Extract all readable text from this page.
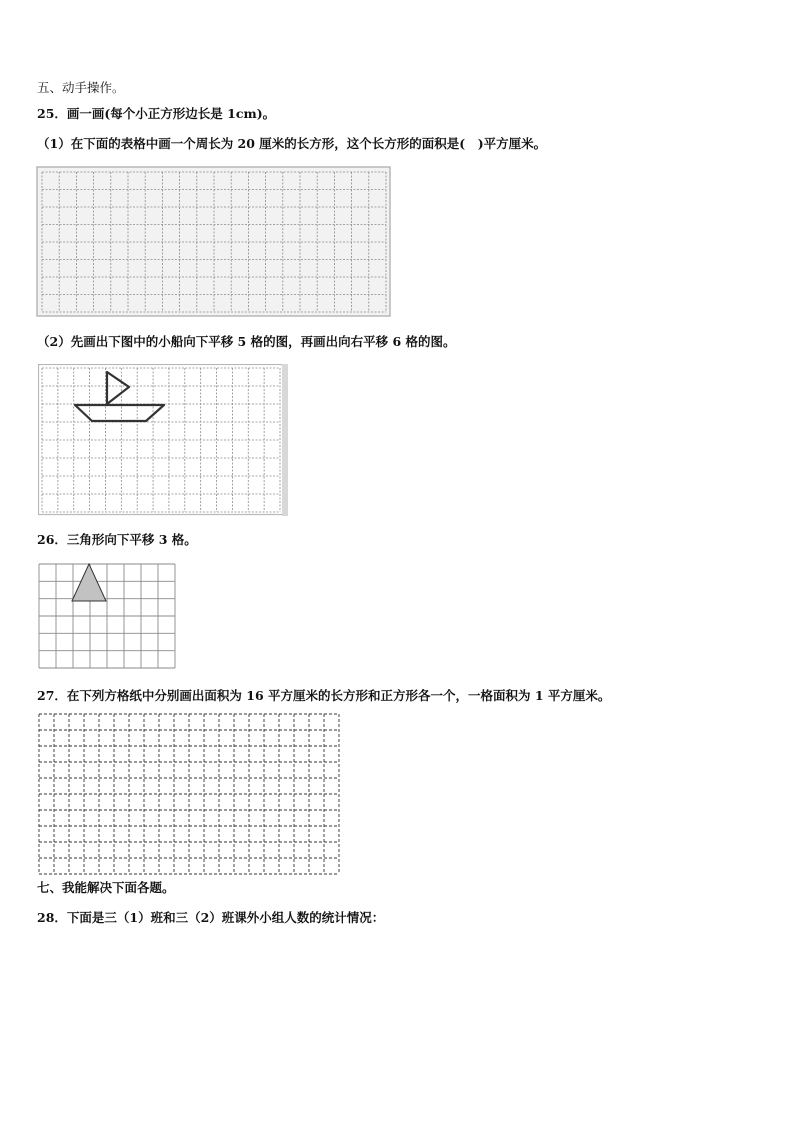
五、动手操作。
25．画一画(每个小正方形边长是 1cm)。
（1）在下面的表格中画一个周长为 20 厘米的长方形，这个长方形的面积是(　)平方厘米。
（2）先画出下图中的小船向下平移 5 格的图，再画出向右平移 6 格的图。
26．三角形向下平移 3 格。
27．在下列方格纸中分别画出面积为 16 平方厘米的长方形和正方形各一个，一格面积为 1 平方厘米。
七、我能解决下面各题。
28．下面是三（1）班和三（2）班课外小组人数的统计情况：
